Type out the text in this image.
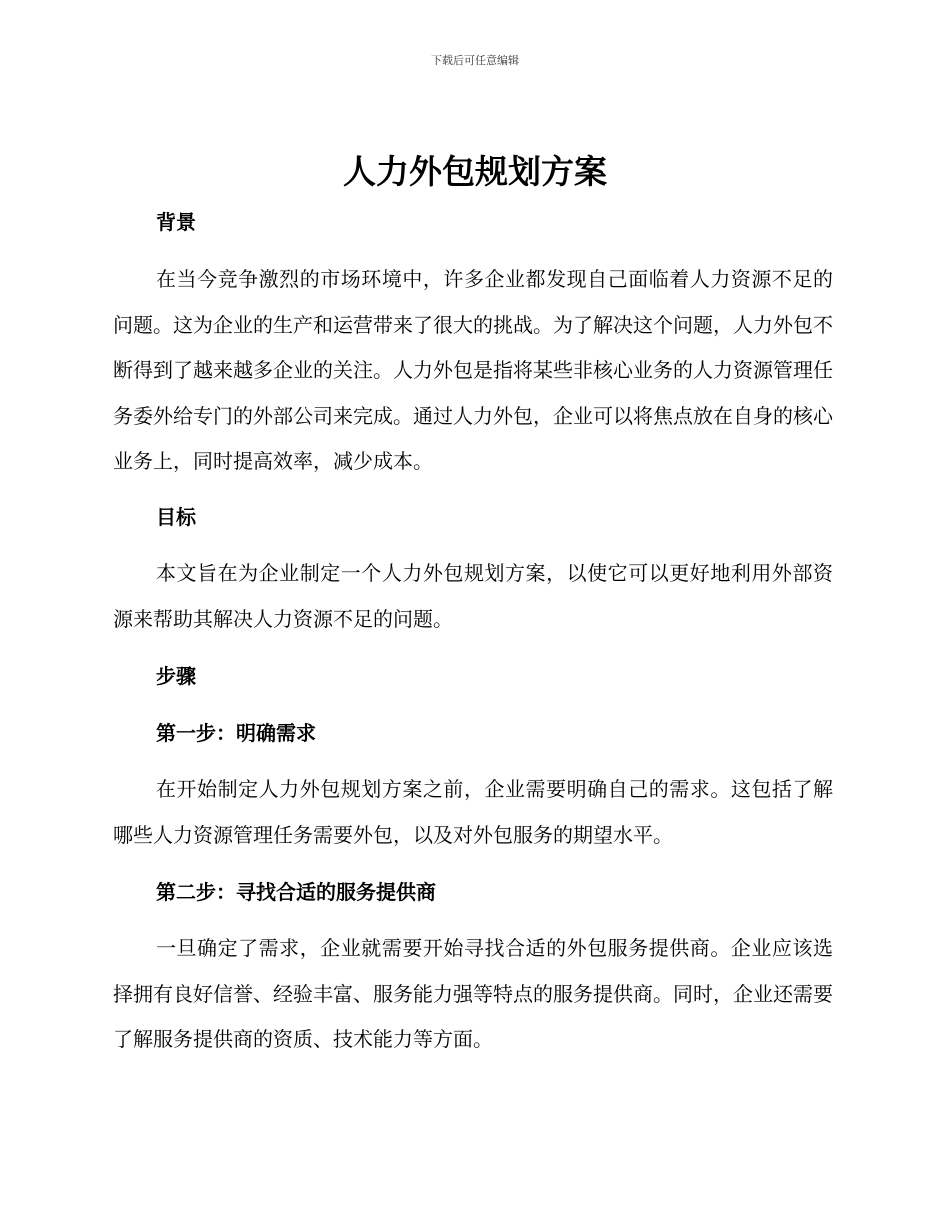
下载后可任意编辑
人力外包规划方案
背景

在当今竞争激烈的市场环境中，许多企业都发现自己面临着人力资源不足的问题。这为企业的生产和运营带来了很大的挑战。为了解决这个问题，人力外包不断得到了越来越多企业的关注。人力外包是指将某些非核心业务的人力资源管理任务委外给专门的外部公司来完成。通过人力外包，企业可以将焦点放在自身的核心业务上，同时提高效率，减少成本。

目标

本文旨在为企业制定一个人力外包规划方案，以使它可以更好地利用外部资源来帮助其解决人力资源不足的问题。

步骤
第一步：明确需求

在开始制定人力外包规划方案之前，企业需要明确自己的需求。这包括了解哪些人力资源管理任务需要外包，以及对外包服务的期望水平。

第二步：寻找合适的服务提供商

一旦确定了需求，企业就需要开始寻找合适的外包服务提供商。企业应该选择拥有良好信誉、经验丰富、服务能力强等特点的服务提供商。同时，企业还需要了解服务提供商的资质、技术能力等方面。
